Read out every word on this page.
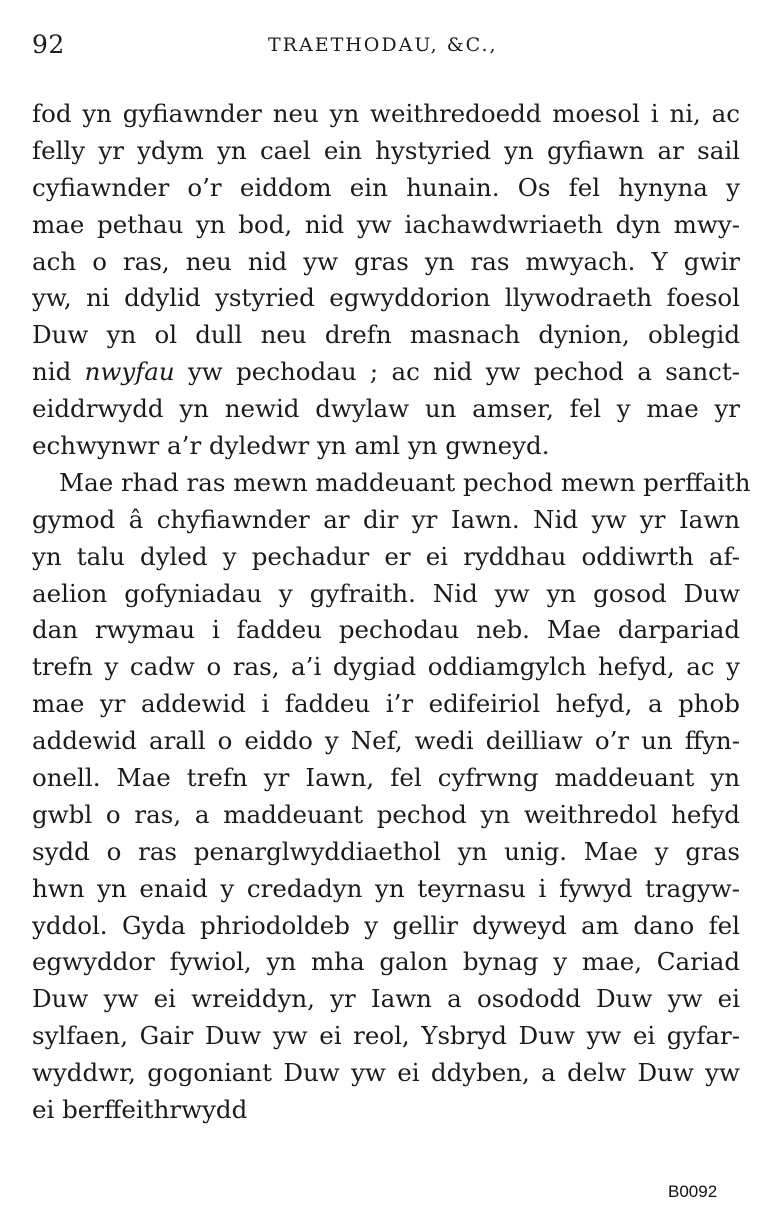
92	TRAETHODAU, &C.,
fod yn gyfiawnder neu yn weithredoedd moesol i ni, ac
felly yr ydym yn cael ein hystyried yn gyfiawn ar sail
cyfiawnder o’r eiddom ein hunain. Os fel hynyna y
mae pethau yn bod, nid yw iachawdwriaeth dyn mwy-
ach o ras, neu nid yw gras yn ras mwyach. Y gwir
yw, ni ddylid ystyried egwyddorion llywodraeth foesol
Duw yn ol dull neu drefn masnach dynion, oblegid
nid nwyfau yw pechodau ; ac nid yw pechod a sanct-
eiddrwydd yn newid dwylaw un amser, fel y mae yr
echwynwr a’r dyledwr yn aml yn gwneyd.
Mae rhad ras mewn maddeuant pechod mewn perffaith
gymod â chyfiawnder ar dir yr Iawn. Nid yw yr Iawn
yn talu dyled y pechadur er ei ryddhau oddiwrth af-
aelion gofyniadau y gyfraith. Nid yw yn gosod Duw
dan rwymau i faddeu pechodau neb. Mae darpariad
trefn y cadw o ras, a’i dygiad oddiamgylch hefyd, ac y
mae yr addewid i faddeu i’r edifeiriol hefyd, a phob
addewid arall o eiddo y Nef, wedi deilliaw o’r un ffyn-
onell. Mae trefn yr Iawn, fel cyfrwng maddeuant yn
gwbl o ras, a maddeuant pechod yn weithredol hefyd
sydd o ras penarglwyddiaethol yn unig. Mae y gras
hwn yn enaid y credadyn yn teyrnasu i fywyd tragyw-
yddol. Gyda phriodoldeb y gellir dyweyd am dano fel
egwyddor fywiol, yn mha galon bynag y mae, Cariad
Duw yw ei wreiddyn, yr Iawn a osododd Duw yw ei
sylfaen, Gair Duw yw ei reol, Ysbryd Duw yw ei gyfar-
wyddwr, gogoniant Duw yw ei ddyben, a delw Duw yw
ei berffeithrwydd
B0092
